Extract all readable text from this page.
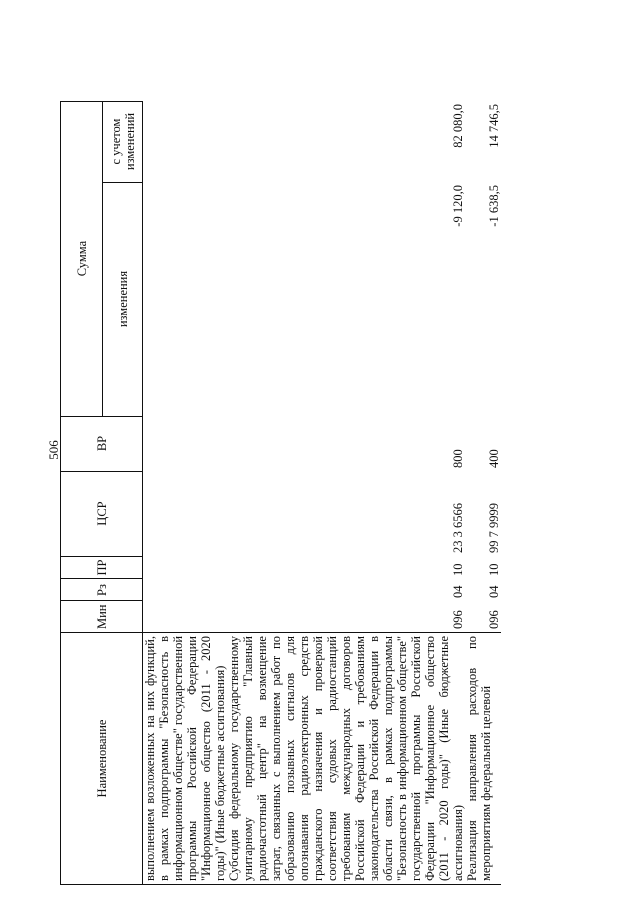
506
Наименование	Мин	Рз	ПР	ЦСР	ВР	Сумма	
						изменения	с учетом изменений
выполнением возложенных на них функций, в рамках подпрограммы "Безопасность в информационном обществе" государственной программы Российской Федерации "Информационное общество (2011 - 2020 годы)" (Иные бюджетные ассигнования)							
Субсидия федеральному государственному унитарному предприятию "Главный радиочастотный центр" на возмещение затрат, связанных с выполнением работ по образованию позывных сигналов для опознавания радиоэлектронных средств гражданского назначения и проверкой соответствия судовых радиостанций требованиям международных договоров Российской Федерации и требованиям законодательства Российской Федерации в области связи, в рамках подпрограммы "Безопасность в информационном обществе" государственной программы Российской Федерации "Информационное общество (2011 - 2020 годы)" (Иные бюджетные ассигнования)	096	04	10	23 3 6566	800	-9 120,0	82 080,0
Реализация направления расходов по мероприятиям федеральной целевой	096	04	10	99 7 9999	400	-1 638,5	14 746,5
